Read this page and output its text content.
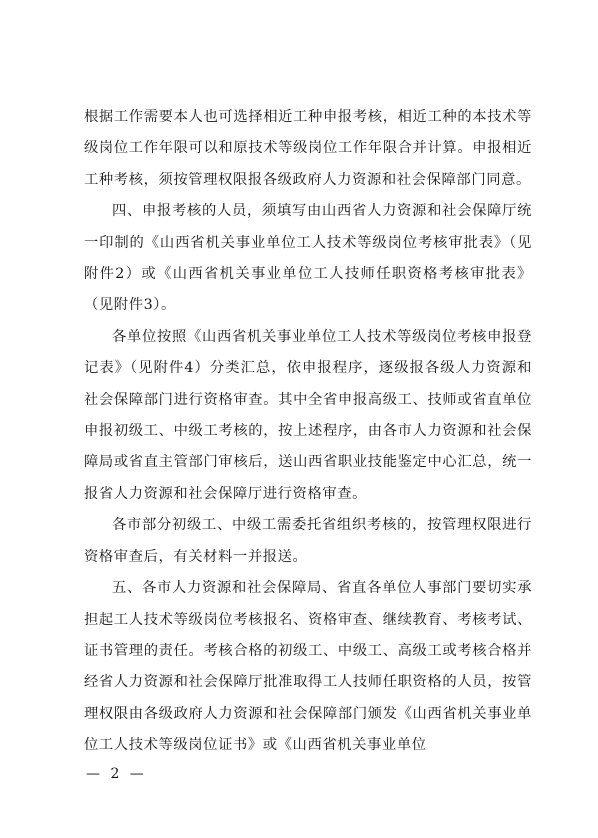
根据工作需要本人也可选择相近工种申报考核，相近工种的本技术等级岗位工作年限可以和原技术等级岗位工作年限合并计算。申报相近工种考核，须按管理权限报各级政府人力资源和社会保障部门同意。

四、申报考核的人员，须填写由山西省人力资源和社会保障厅统一印制的《山西省机关事业单位工人技术等级岗位考核审批表》（见附件2）或《山西省机关事业单位工人技师任职资格考核审批表》（见附件3）。

各单位按照《山西省机关事业单位工人技术等级岗位考核申报登记表》（见附件4）分类汇总，依申报程序，逐级报各级人力资源和社会保障部门进行资格审查。其中全省申报高级工、技师或省直单位申报初级工、中级工考核的，按上述程序，由各市人力资源和社会保障局或省直主管部门审核后，送山西省职业技能鉴定中心汇总，统一报省人力资源和社会保障厅进行资格审查。

各市部分初级工、中级工需委托省组织考核的，按管理权限进行资格审查后，有关材料一并报送。

五、各市人力资源和社会保障局、省直各单位人事部门要切实承担起工人技术等级岗位考核报名、资格审查、继续教育、考核考试、证书管理的责任。考核合格的初级工、中级工、高级工或考核合格并经省人力资源和社会保障厅批准取得工人技师任职资格的人员，按管理权限由各级政府人力资源和社会保障部门颁发《山西省机关事业单位工人技术等级岗位证书》或《山西省机关事业单位

— 2 —
